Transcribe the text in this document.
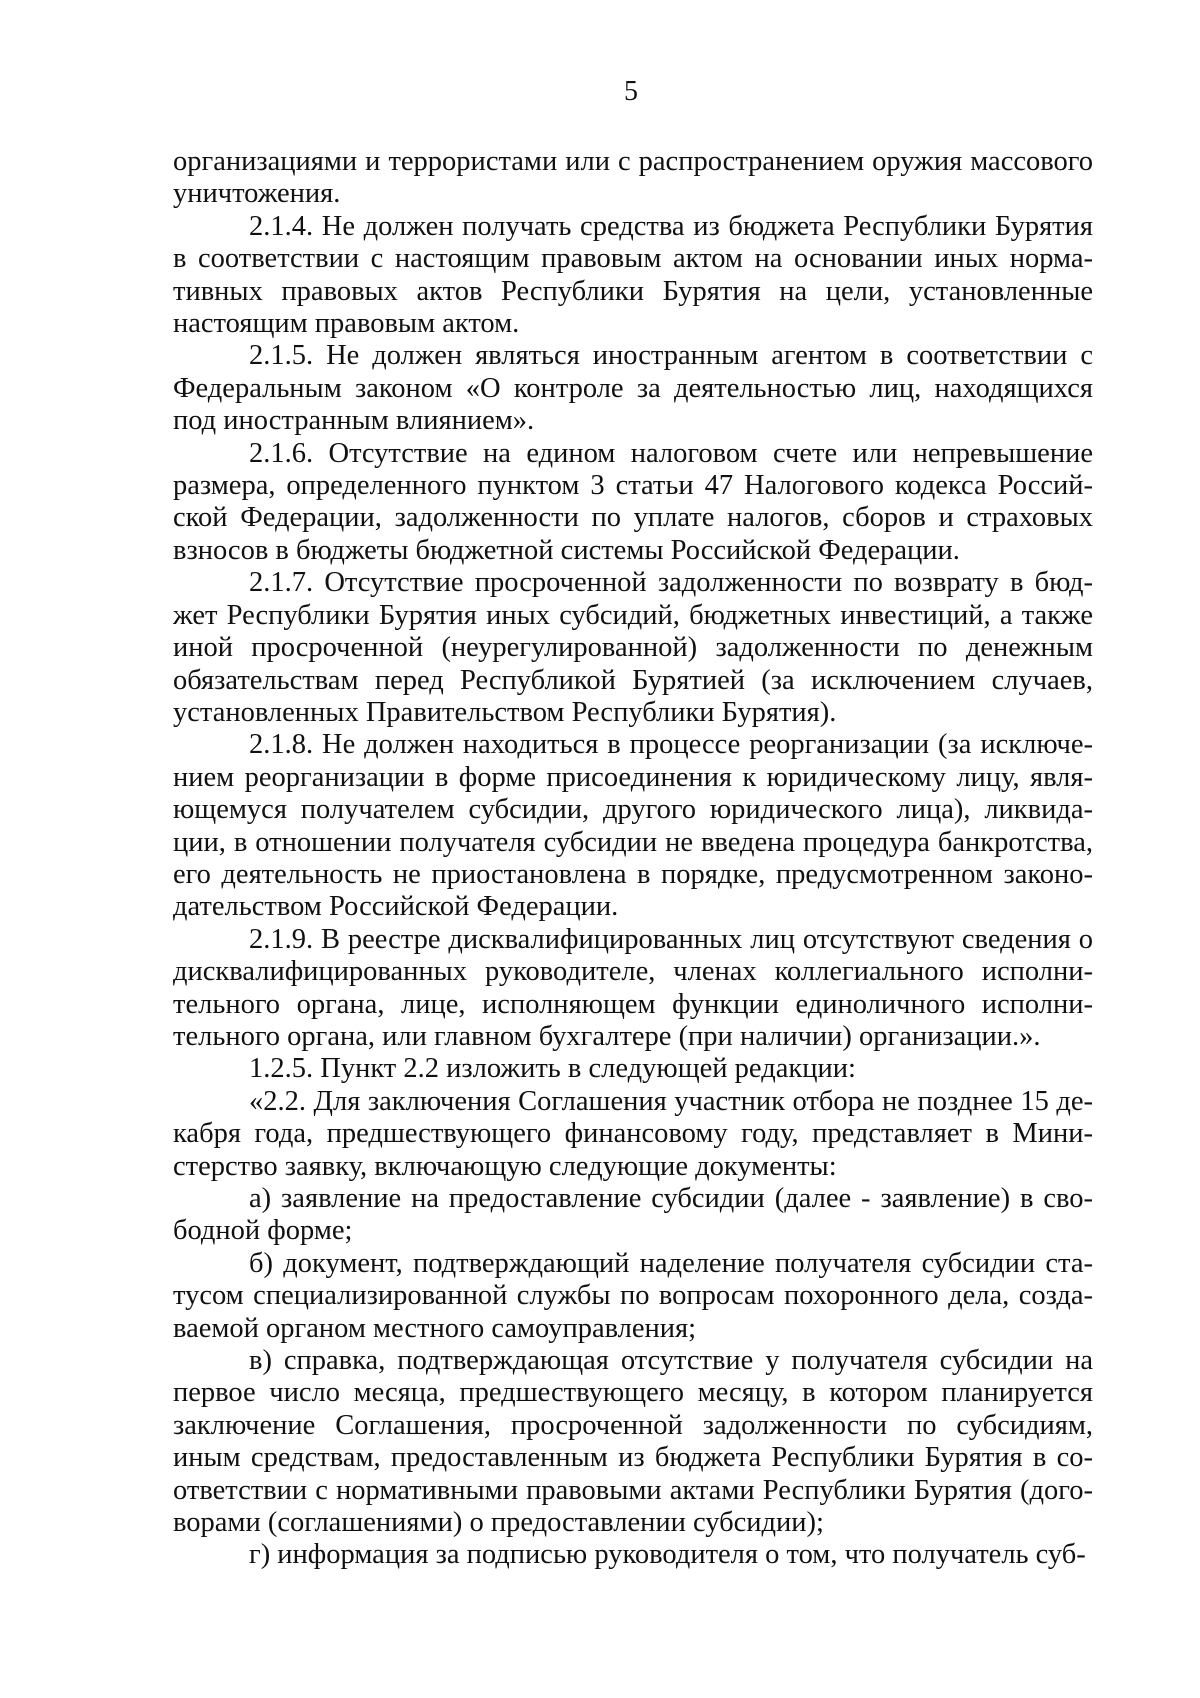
5
организациями и террористами или с распространением оружия массового
уничтожения.
2.1.4. Не должен получать средства из бюджета Республики Бурятия
в соответствии с настоящим правовым актом на основании иных норма-
тивных правовых актов Республики Бурятия на цели, установленные
настоящим правовым актом.
2.1.5. Не должен являться иностранным агентом в соответствии с
Федеральным законом «О контроле за деятельностью лиц, находящихся
под иностранным влиянием».
2.1.6. Отсутствие на едином налоговом счете или непревышение
размера, определенного пунктом 3 статьи 47 Налогового кодекса Россий-
ской Федерации, задолженности по уплате налогов, сборов и страховых
взносов в бюджеты бюджетной системы Российской Федерации.
2.1.7. Отсутствие просроченной задолженности по возврату в бюд-
жет Республики Бурятия иных субсидий, бюджетных инвестиций, а также
иной просроченной (неурегулированной) задолженности по денежным
обязательствам перед Республикой Бурятией (за исключением случаев,
установленных Правительством Республики Бурятия).
2.1.8. Не должен находиться в процессе реорганизации (за исключе-
нием реорганизации в форме присоединения к юридическому лицу, явля-
ющемуся получателем субсидии, другого юридического лица), ликвида-
ции, в отношении получателя субсидии не введена процедура банкротства,
его деятельность не приостановлена в порядке, предусмотренном законо-
дательством Российской Федерации.
2.1.9. В реестре дисквалифицированных лиц отсутствуют сведения о
дисквалифицированных руководителе, членах коллегиального исполни-
тельного органа, лице, исполняющем функции единоличного исполни-
тельного органа, или главном бухгалтере (при наличии) организации.».
1.2.5. Пункт 2.2 изложить в следующей редакции:
«2.2. Для заключения Соглашения участник отбора не позднее 15 де-
кабря года, предшествующего финансовому году, представляет в Мини-
стерство заявку, включающую следующие документы:
а) заявление на предоставление субсидии (далее - заявление) в сво-
бодной форме;
б) документ, подтверждающий наделение получателя субсидии ста-
тусом специализированной службы по вопросам похоронного дела, созда-
ваемой органом местного самоуправления;
в) справка, подтверждающая отсутствие у получателя субсидии на
первое число месяца, предшествующего месяцу, в котором планируется
заключение Соглашения, просроченной задолженности по субсидиям,
иным средствам, предоставленным из бюджета Республики Бурятия в со-
ответствии с нормативными правовыми актами Республики Бурятия (дого-
ворами (соглашениями) о предоставлении субсидии);
г) информация за подписью руководителя о том, что получатель суб-
